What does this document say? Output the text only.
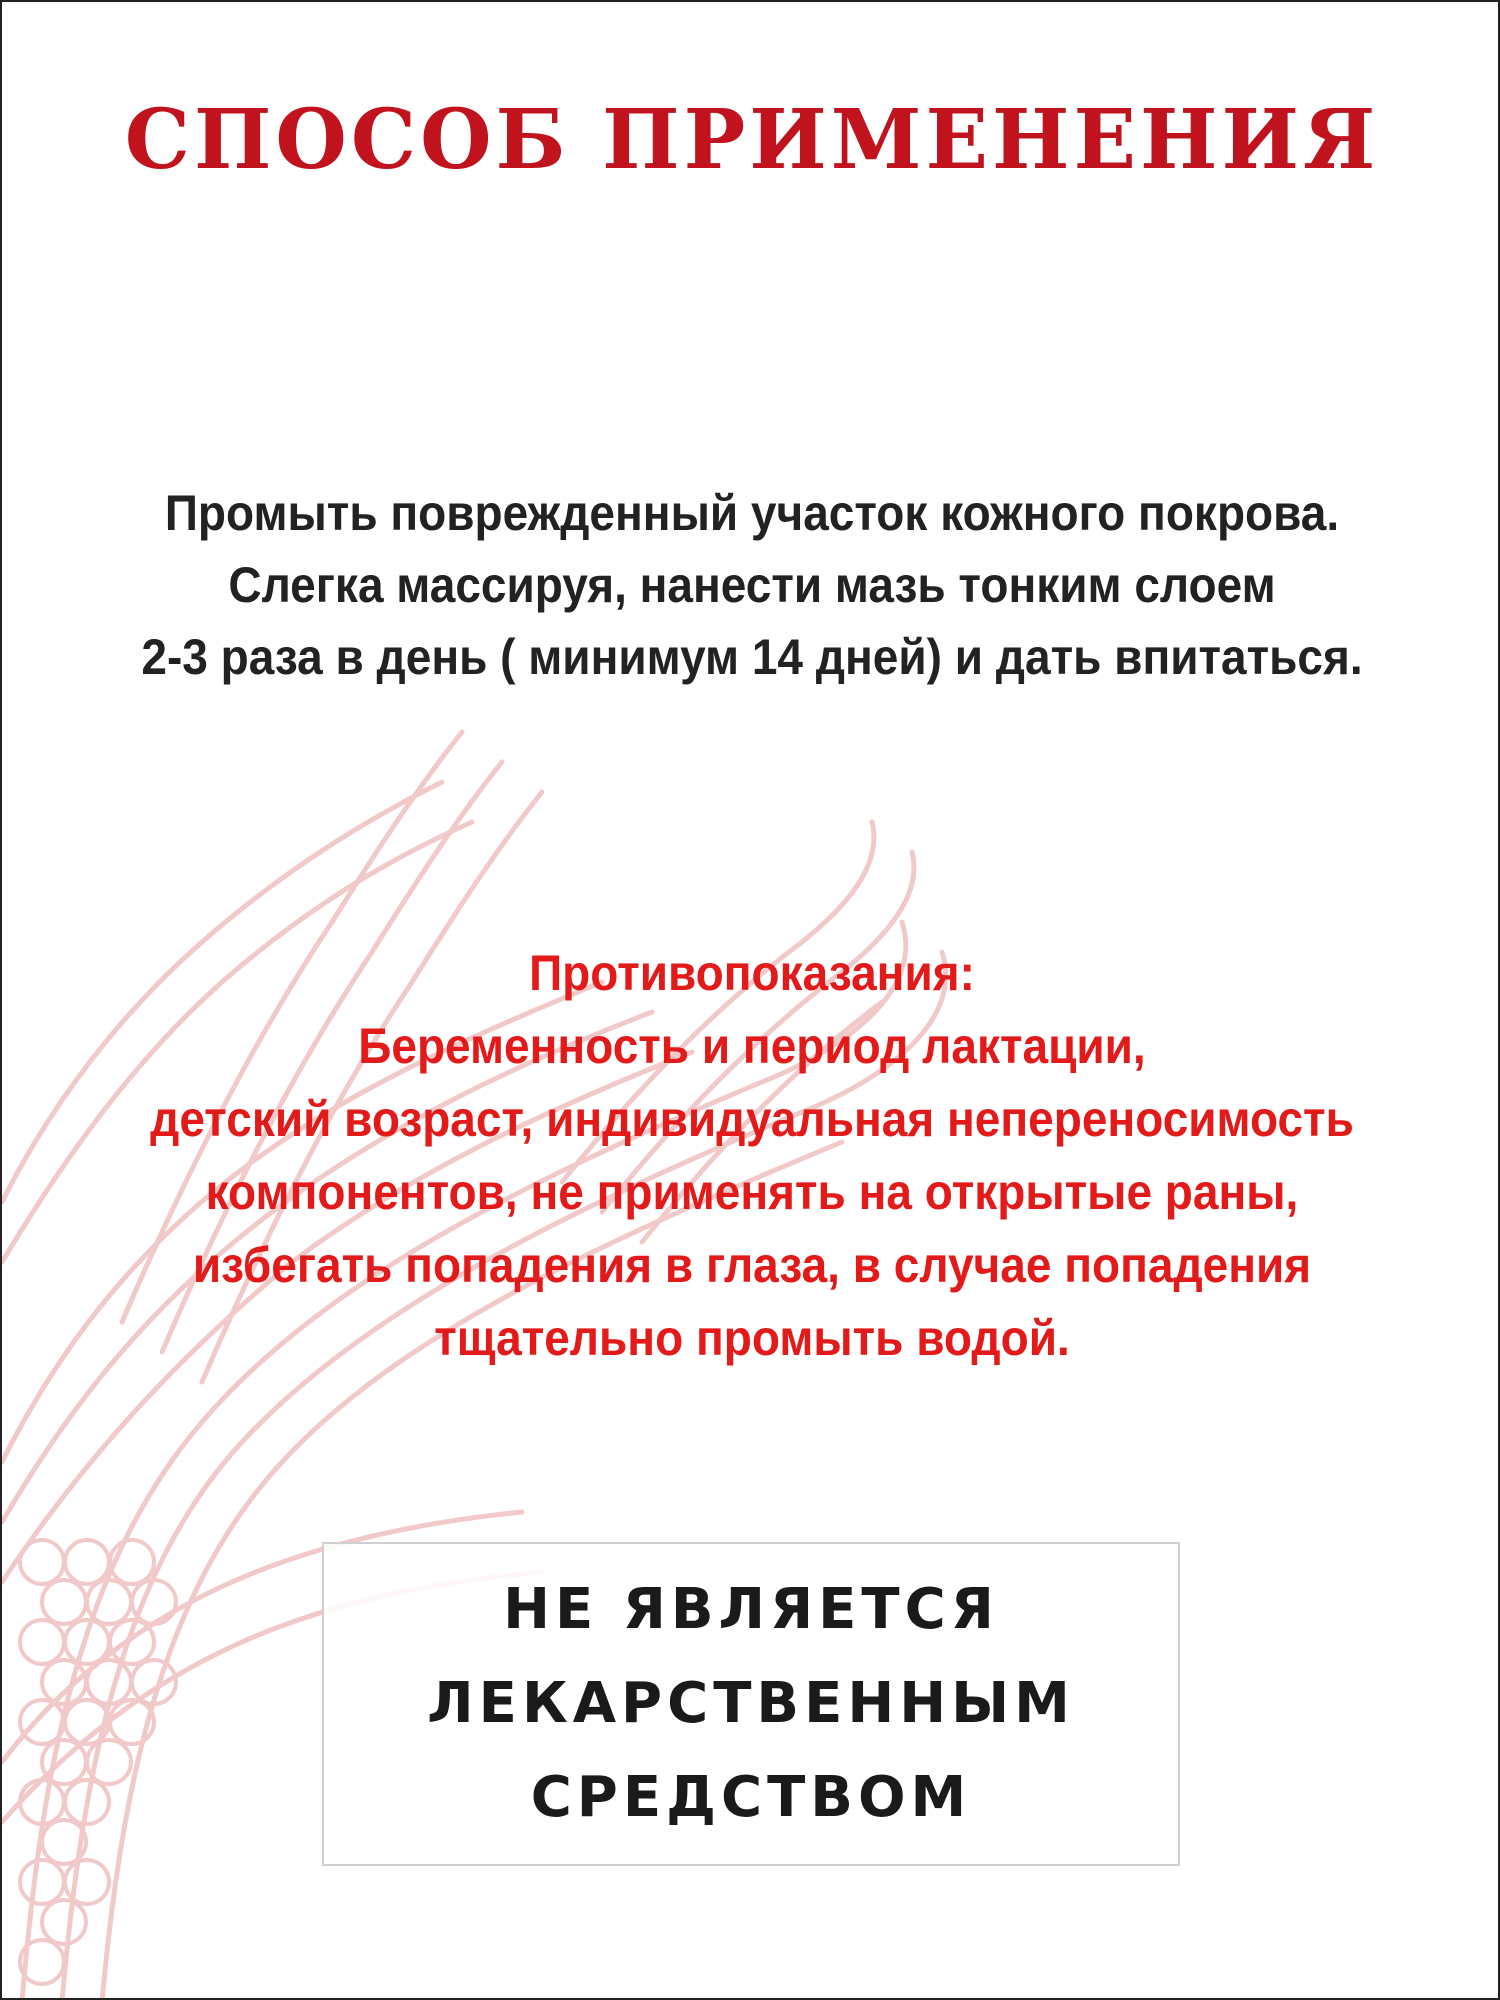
СПОСОБ ПРИМЕНЕНИЯ
Промыть поврежденный участок кожного покрова.
Слегка массируя, нанести мазь тонким слоем
2-3 раза в день ( минимум 14 дней) и дать впитаться.
Противопоказания:
Беременность и период лактации,
детский возраст, индивидуальная непереносимость
компонентов, не применять на открытые раны,
избегать попадения в глаза, в случае попадения
тщательно промыть водой.
НЕ ЯВЛЯЕТСЯ
ЛЕКАРСТВЕННЫМ
СРЕДСТВОМ
